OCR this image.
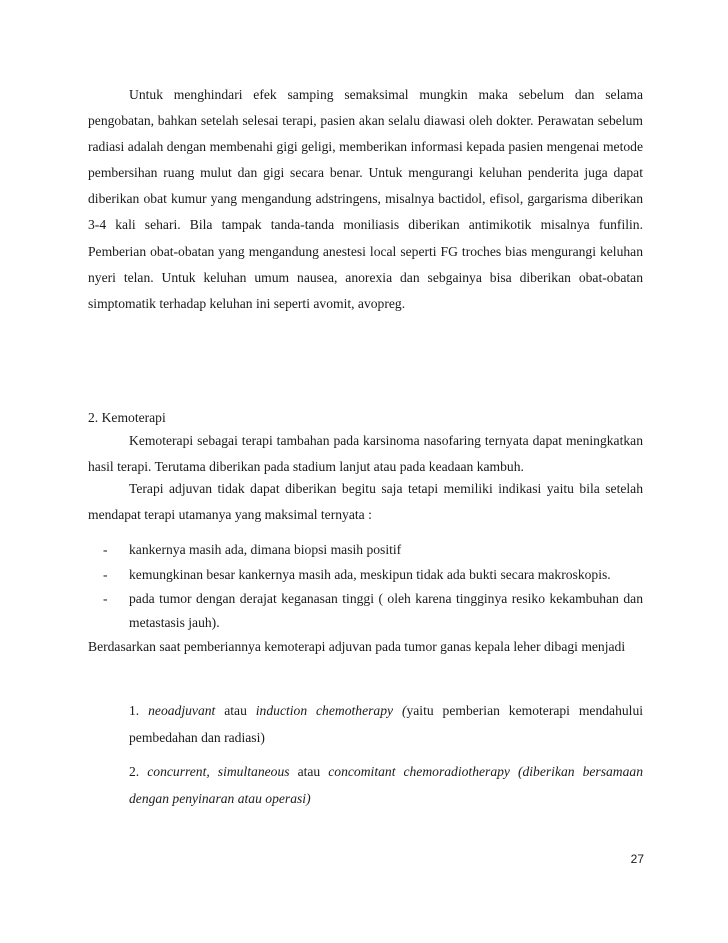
Untuk menghindari efek samping semaksimal mungkin maka sebelum dan selama pengobatan, bahkan setelah selesai terapi, pasien akan selalu diawasi oleh dokter. Perawatan sebelum radiasi adalah dengan membenahi gigi geligi, memberikan informasi kepada pasien mengenai metode pembersihan ruang mulut dan gigi secara benar. Untuk mengurangi keluhan penderita juga dapat diberikan obat kumur yang mengandung adstringens, misalnya bactidol, efisol, gargarisma diberikan 3-4 kali sehari. Bila tampak tanda-tanda moniliasis diberikan antimikotik misalnya funfilin. Pemberian obat-obatan yang mengandung anestesi local seperti FG troches bias mengurangi keluhan nyeri telan. Untuk keluhan umum nausea, anorexia dan sebgainya bisa diberikan obat-obatan simptomatik terhadap keluhan ini seperti avomit, avopreg.

2. Kemoterapi

Kemoterapi sebagai terapi tambahan pada karsinoma nasofaring ternyata dapat meningkatkan hasil terapi. Terutama diberikan pada stadium lanjut atau pada keadaan kambuh.

Terapi adjuvan tidak dapat diberikan begitu saja tetapi memiliki indikasi yaitu bila setelah mendapat terapi utamanya yang maksimal ternyata :

- kankernya masih ada, dimana biopsi masih positif
- kemungkinan besar kankernya masih ada, meskipun tidak ada bukti secara makroskopis.
- pada tumor dengan derajat keganasan tinggi ( oleh karena tingginya resiko kekambuhan dan metastasis jauh).

Berdasarkan saat pemberiannya kemoterapi adjuvan pada tumor ganas kepala leher dibagi menjadi

1. neoadjuvant atau induction chemotherapy (yaitu pemberian kemoterapi mendahului pembedahan dan radiasi)

2. concurrent, simultaneous atau concomitant chemoradiotherapy (diberikan bersamaan dengan penyinaran atau operasi)

27
